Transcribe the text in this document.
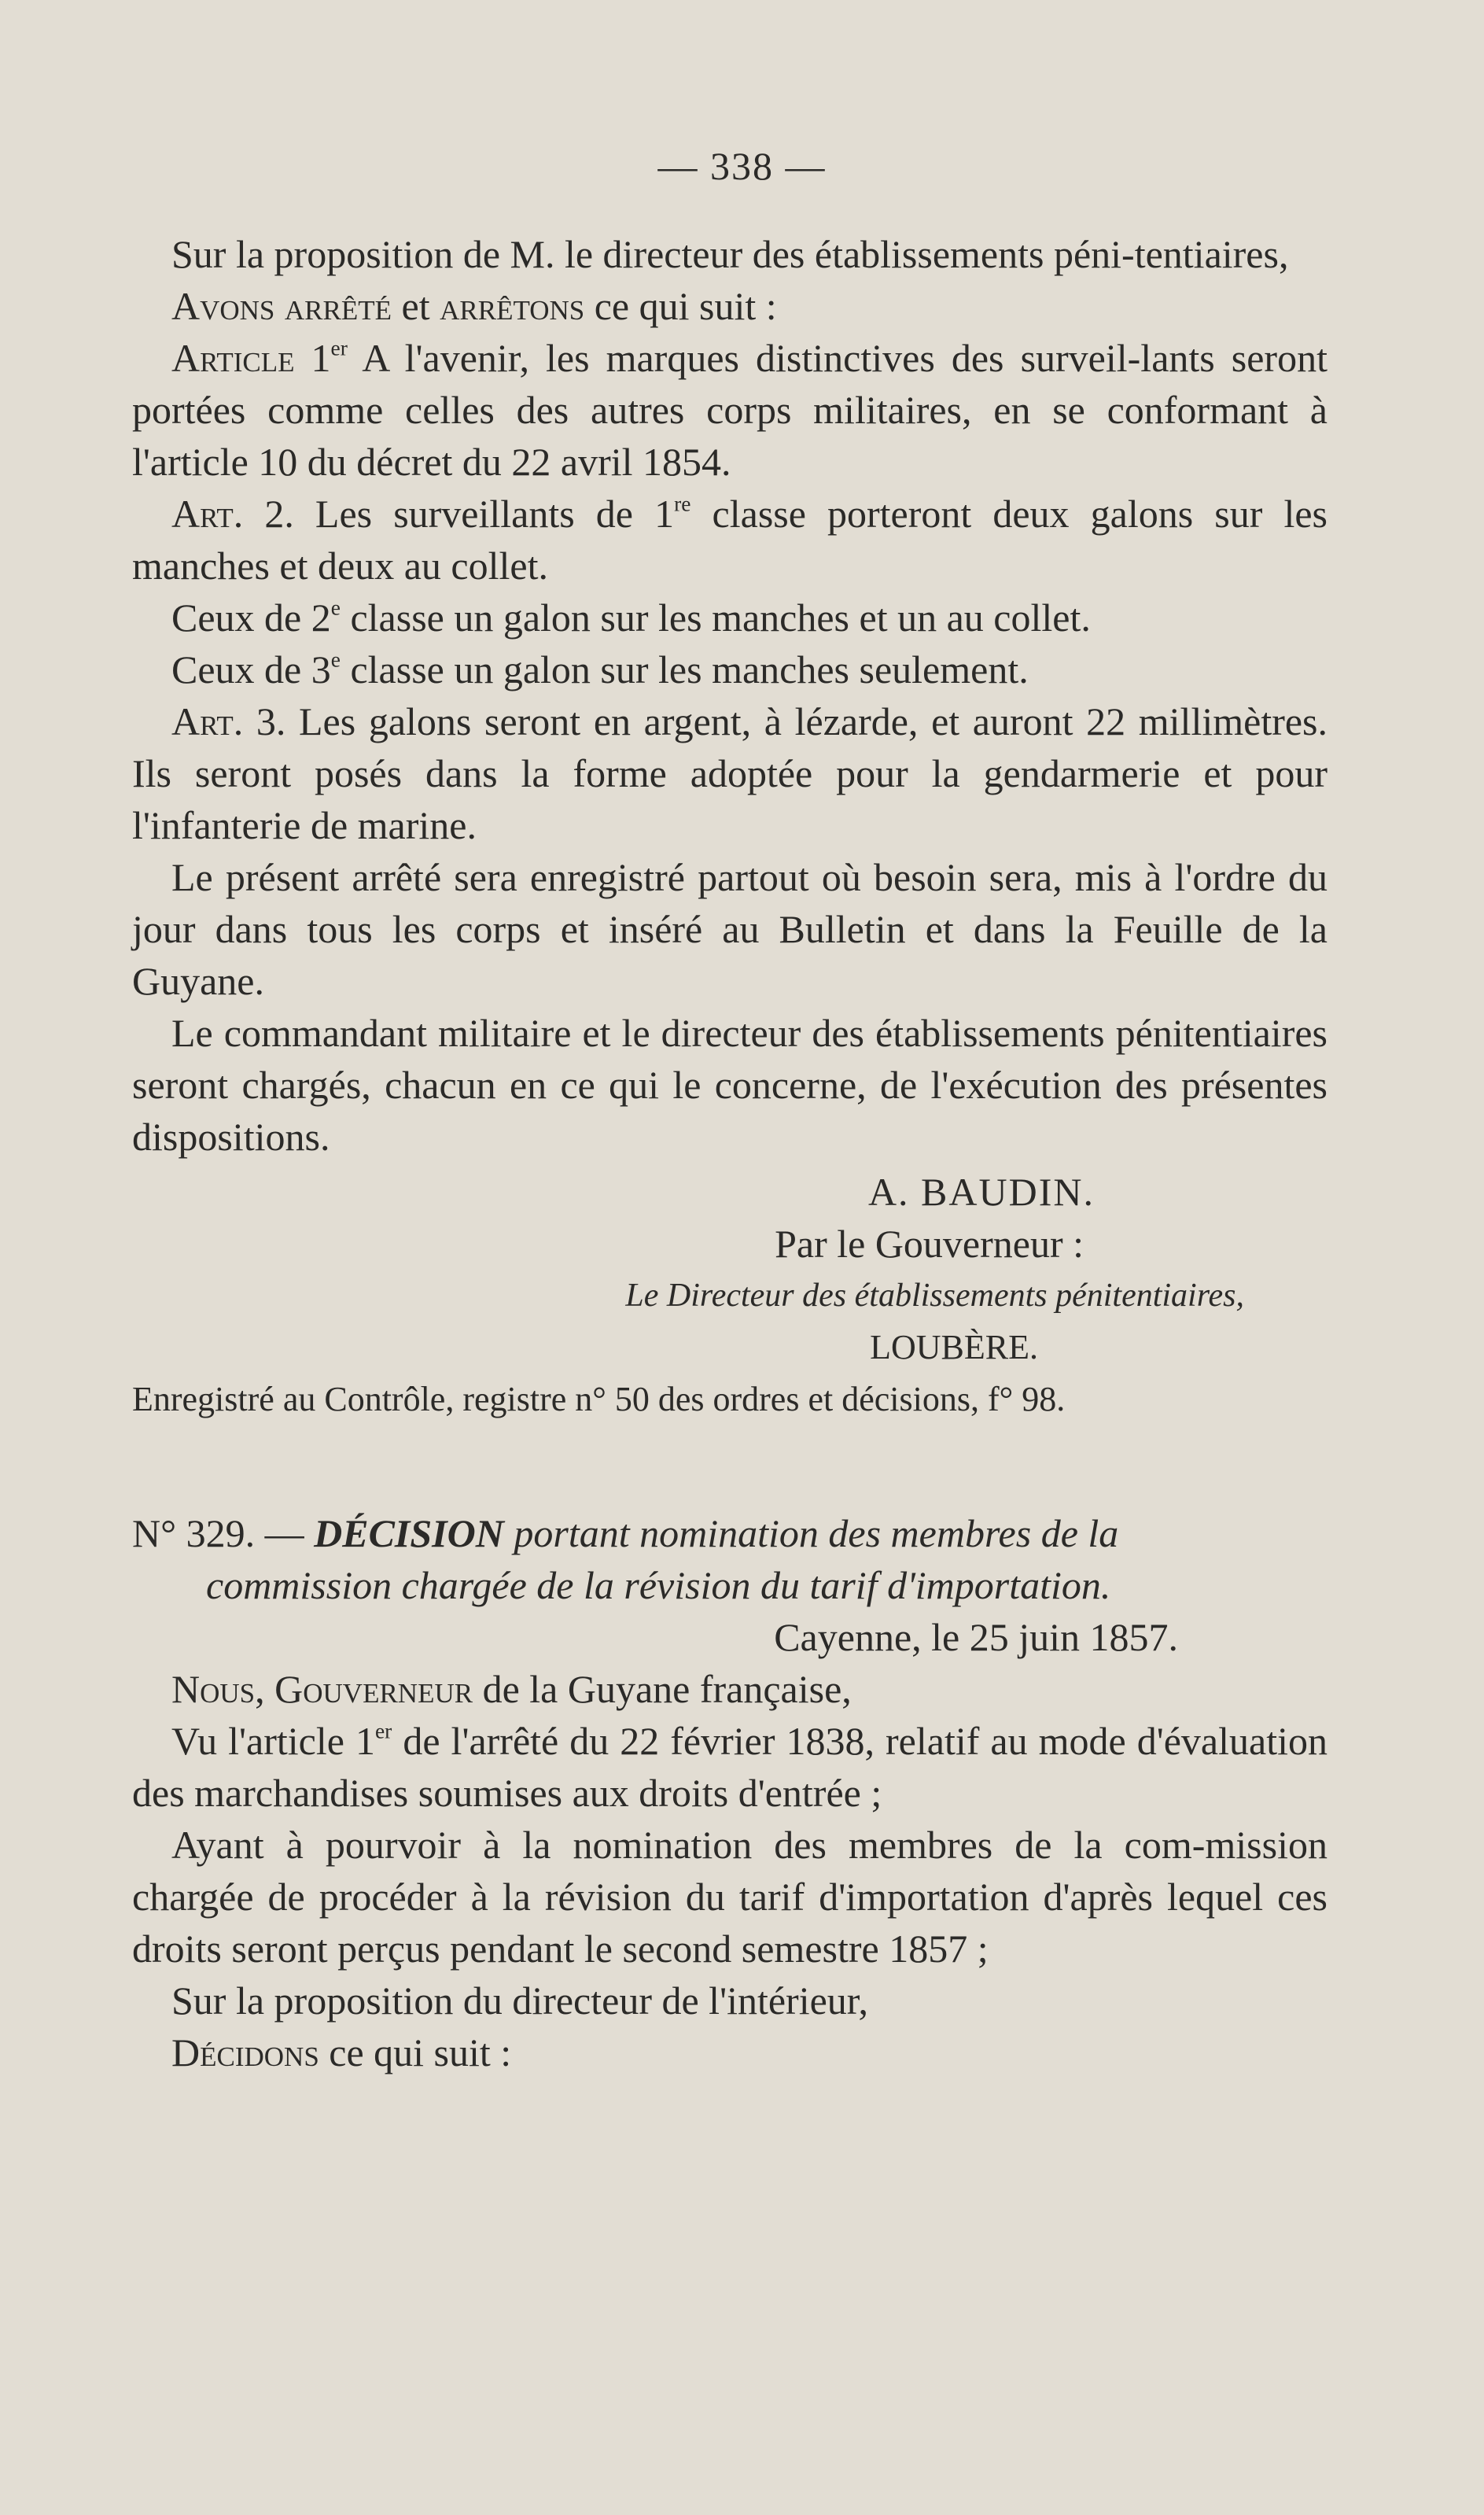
— 338 —

Sur la proposition de M. le directeur des établissements péni-tentiaires,

Avons arrêté et arrêtons ce qui suit :

Article 1er A l'avenir, les marques distinctives des surveil-lants seront portées comme celles des autres corps militaires, en se conformant à l'article 10 du décret du 22 avril 1854.

Art. 2. Les surveillants de 1re classe porteront deux galons sur les manches et deux au collet.

Ceux de 2e classe un galon sur les manches et un au collet.

Ceux de 3e classe un galon sur les manches seulement.

Art. 3. Les galons seront en argent, à lézarde, et auront 22 millimètres. Ils seront posés dans la forme adoptée pour la gendarmerie et pour l'infanterie de marine.

Le présent arrêté sera enregistré partout où besoin sera, mis à l'ordre du jour dans tous les corps et inséré au Bulletin et dans la Feuille de la Guyane.

Le commandant militaire et le directeur des établissements pénitentiaires seront chargés, chacun en ce qui le concerne, de l'exécution des présentes dispositions.

A. BAUDIN.

Par le Gouverneur :

Le Directeur des établissements pénitentiaires,

LOUBÈRE.

Enregistré au Contrôle, registre n° 50 des ordres et décisions, f° 98.

N° 329. — DÉCISION portant nomination des membres de la

commission chargée de la révision du tarif d'importation.

Cayenne, le 25 juin 1857.

Nous, Gouverneur de la Guyane française,

Vu l'article 1er de l'arrêté du 22 février 1838, relatif au mode d'évaluation des marchandises soumises aux droits d'entrée ;

Ayant à pourvoir à la nomination des membres de la com-mission chargée de procéder à la révision du tarif d'importation d'après lequel ces droits seront perçus pendant le second semestre 1857 ;

Sur la proposition du directeur de l'intérieur,

Décidons ce qui suit :
